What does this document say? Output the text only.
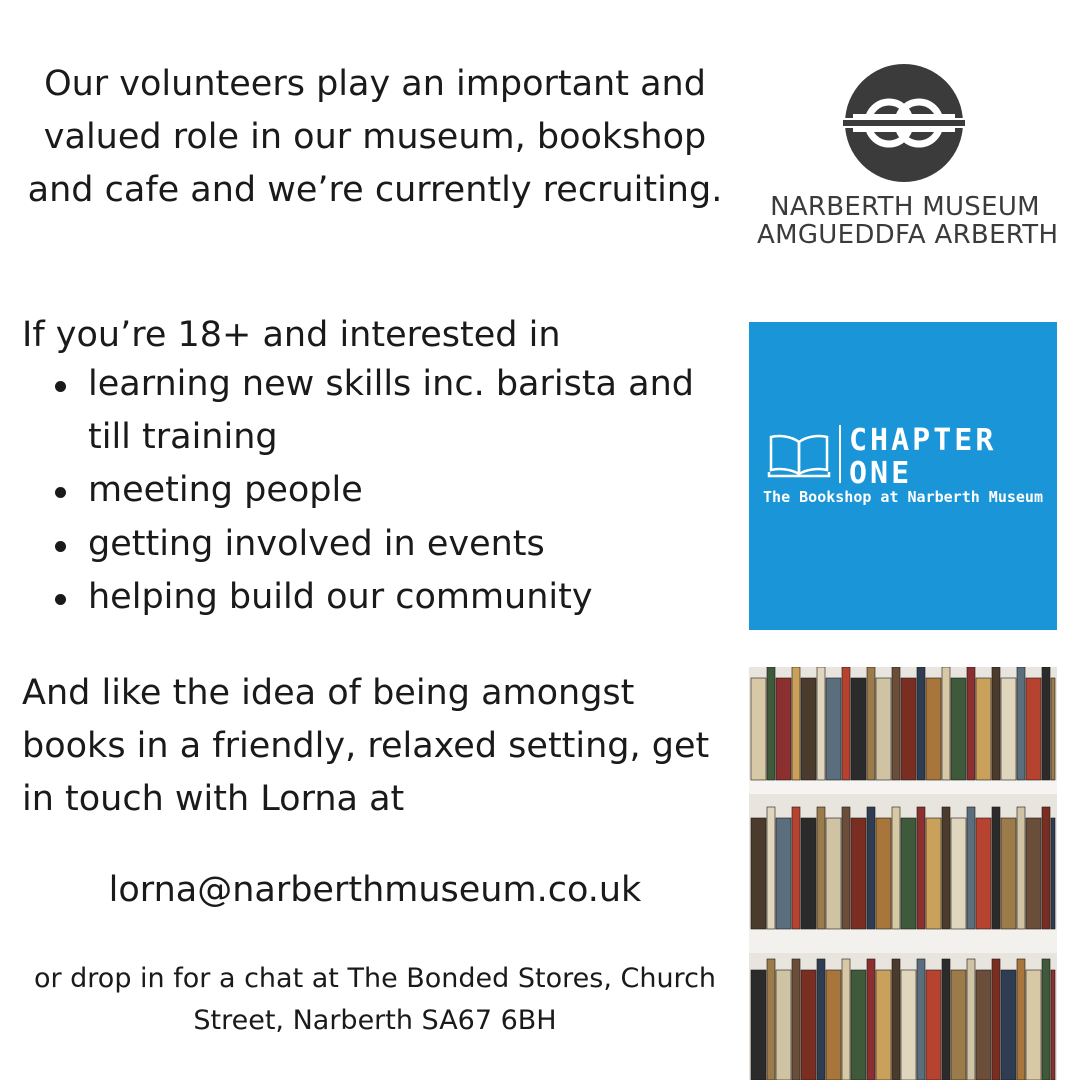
Our volunteers play an important and valued role in our museum, bookshop and cafe and we’re currently recruiting.

If you’re 18+ and interested in

learning new skills inc. barista and till training
meeting people
getting involved in events
helping build our community

And like the idea of being amongst books in a friendly, relaxed setting, get in touch with Lorna at

lorna@narberthmuseum.co.uk

or drop in for a chat at The Bonded Stores, Church Street, Narberth SA67 6BH

NARBERTH MUSEUM
AMGUEDDFA ARBERTH
CHAPTER
ONE
The Bookshop at Narberth Museum
